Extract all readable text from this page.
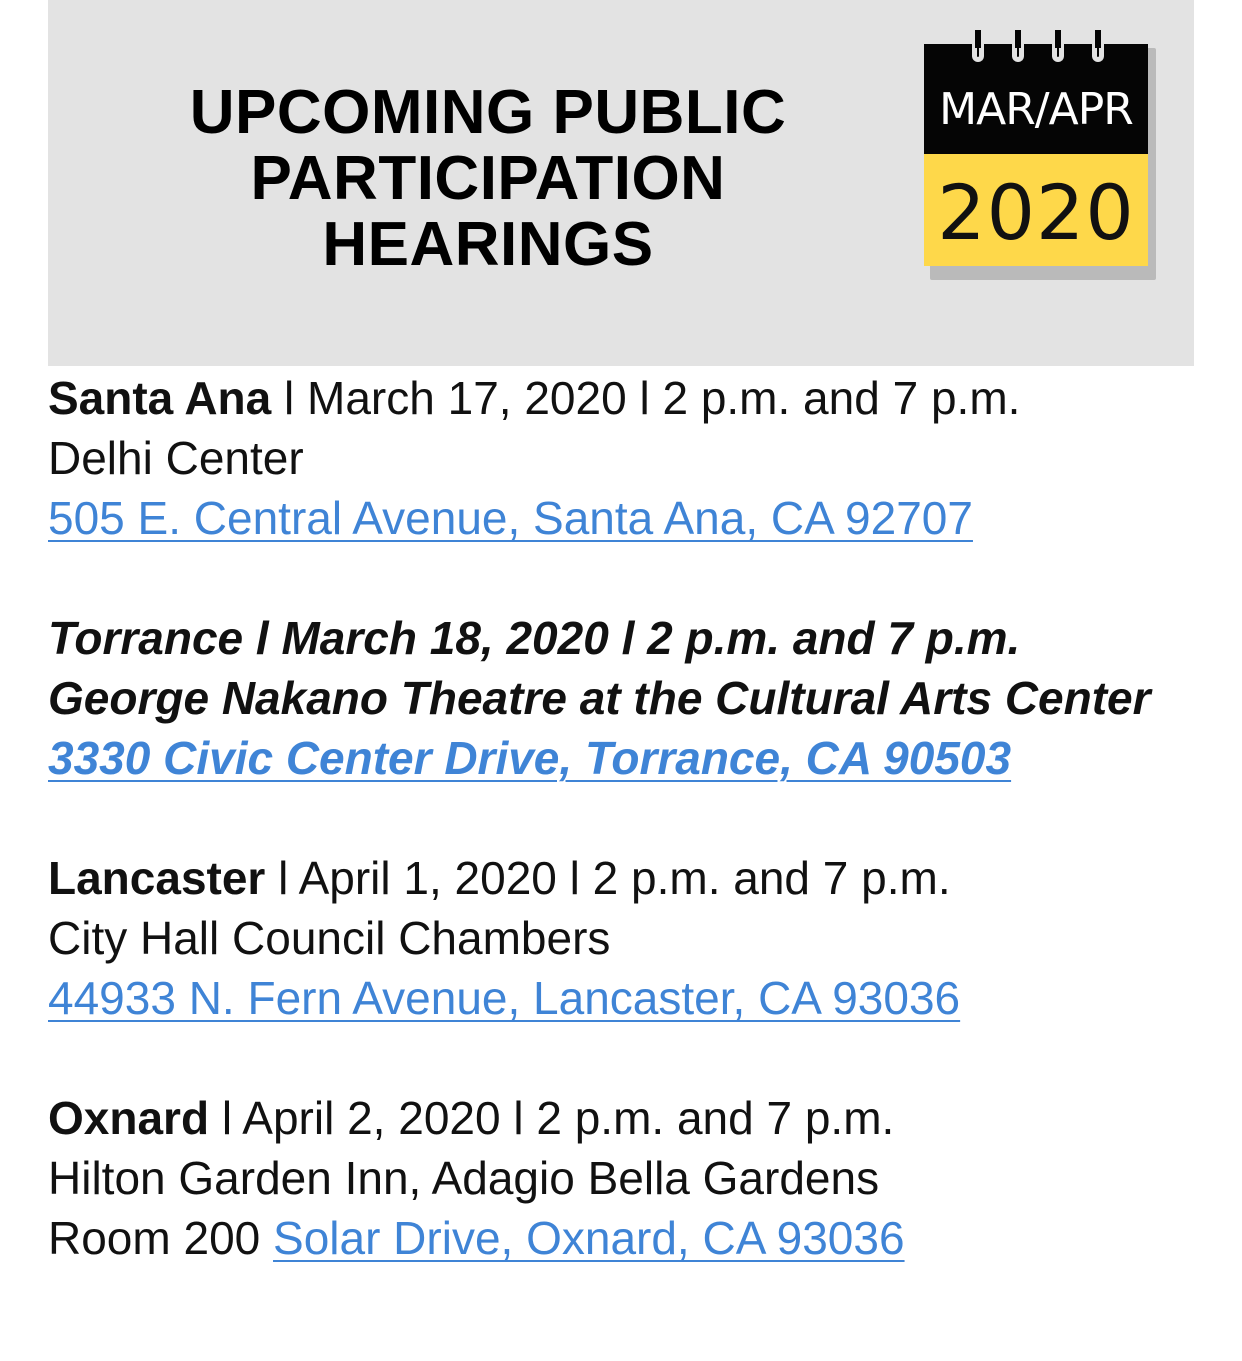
UPCOMING PUBLIC
PARTICIPATION
HEARINGS
MAR/APR
2020

Santa Ana l March 17, 2020 l 2 p.m. and 7 p.m.

Delhi Center

505 E. Central Avenue, Santa Ana, CA 92707

Torrance l March 18, 2020 l 2 p.m. and 7 p.m.

George Nakano Theatre at the Cultural Arts Center

3330 Civic Center Drive, Torrance, CA 90503

Lancaster l April 1, 2020 l 2 p.m. and 7 p.m.

City Hall Council Chambers

44933 N. Fern Avenue, Lancaster, CA 93036

Oxnard l April 2, 2020 l 2 p.m. and 7 p.m.

Hilton Garden Inn, Adagio Bella Gardens

Room 200 Solar Drive, Oxnard, CA 93036
